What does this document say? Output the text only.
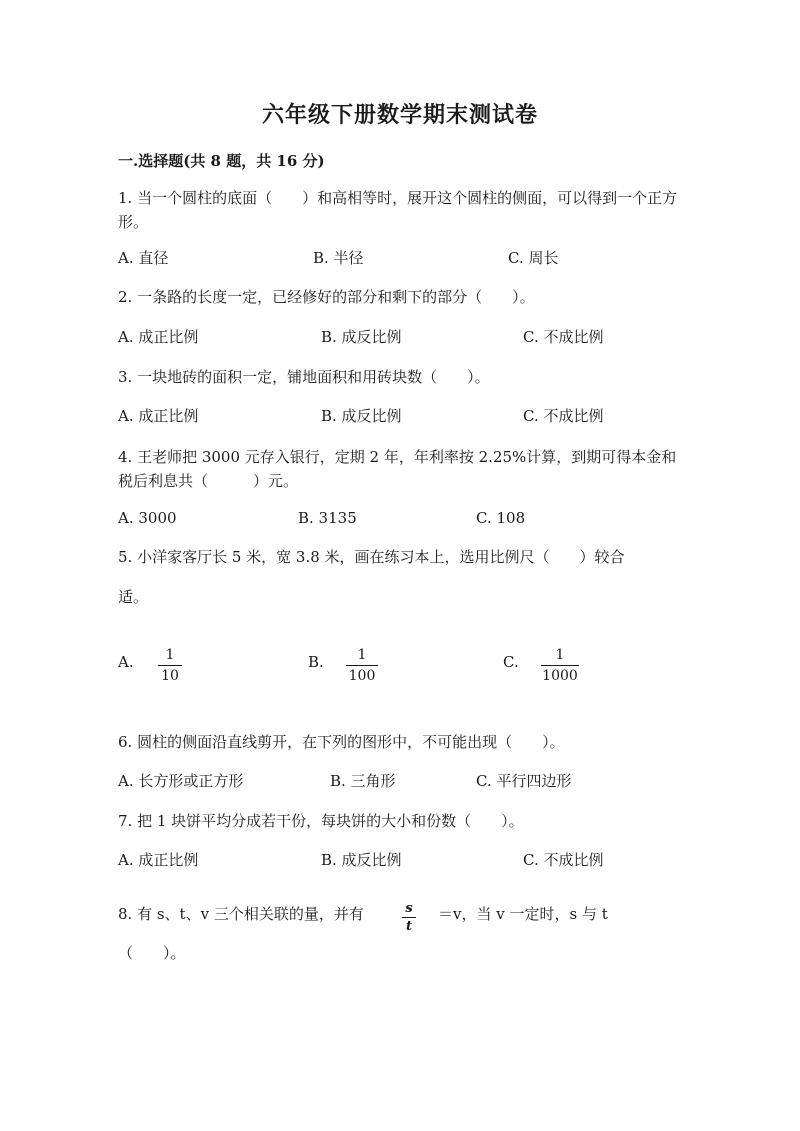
六年级下册数学期末测试卷
一.选择题(共 8 题，共 16 分)
1. 当一个圆柱的底面（　　）和高相等时，展开这个圆柱的侧面，可以得到一个正方形。
A. 直径	B. 半径	C. 周长
2. 一条路的长度一定，已经修好的部分和剩下的部分（　　）。
A. 成正比例	B. 成反比例	C. 不成比例
3. 一块地砖的面积一定，铺地面积和用砖块数（　　）。
A. 成正比例	B. 成反比例	C. 不成比例
4. 王老师把 3000 元存入银行，定期 2 年，年利率按 2.25%计算，到期可得本金和税后利息共（　　　）元。
A. 3000	B. 3135	C. 108
5. 小洋家客厅长 5 米，宽 3.8 米，画在练习本上，选用比例尺（　　）较合
适。
A.	1
10
B.	1
100
C.	1
1000
6. 圆柱的侧面沿直线剪开，在下列的图形中，不可能出现（　　）。
A. 长方形或正方形	B. 三角形	C. 平行四边形
7. 把 1 块饼平均分成若干份，每块饼的大小和份数（　　）。
A. 成正比例	B. 成反比例	C. 不成比例
8. 有 s、t、v 三个相关联的量，并有	s
t
＝v，当 v 一定时，s 与 t
（　　）。
